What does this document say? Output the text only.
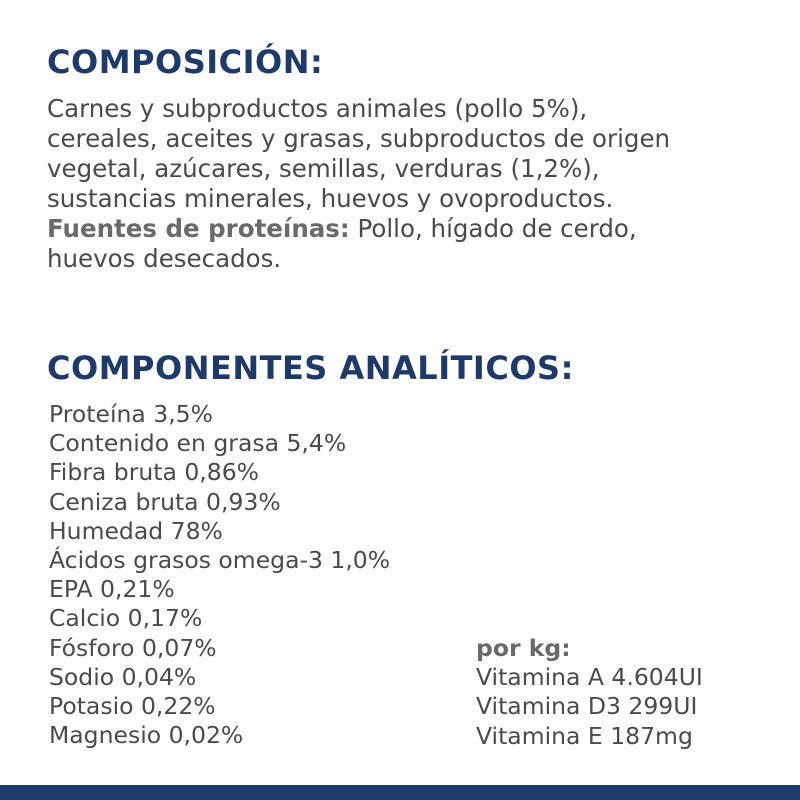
COMPOSICIÓN:

Carnes y subproductos animales (pollo 5%),
cereales, aceites y grasas, subproductos de origen
vegetal, azúcares, semillas, verduras (1,2%),
sustancias minerales, huevos y ovoproductos.
Fuentes de proteínas: Pollo, hígado de cerdo,
huevos desecados.

COMPONENTES ANALÍTICOS:
Proteína 3,5%
Contenido en grasa 5,4%
Fibra bruta 0,86%
Ceniza bruta 0,93%
Humedad 78%
Ácidos grasos omega-3 1,0%
EPA 0,21%
Calcio 0,17%
Fósforo 0,07%
Sodio 0,04%
Potasio 0,22%
Magnesio 0,02%
por kg:
Vitamina A 4.604UI
Vitamina D3 299UI
Vitamina E 187mg
